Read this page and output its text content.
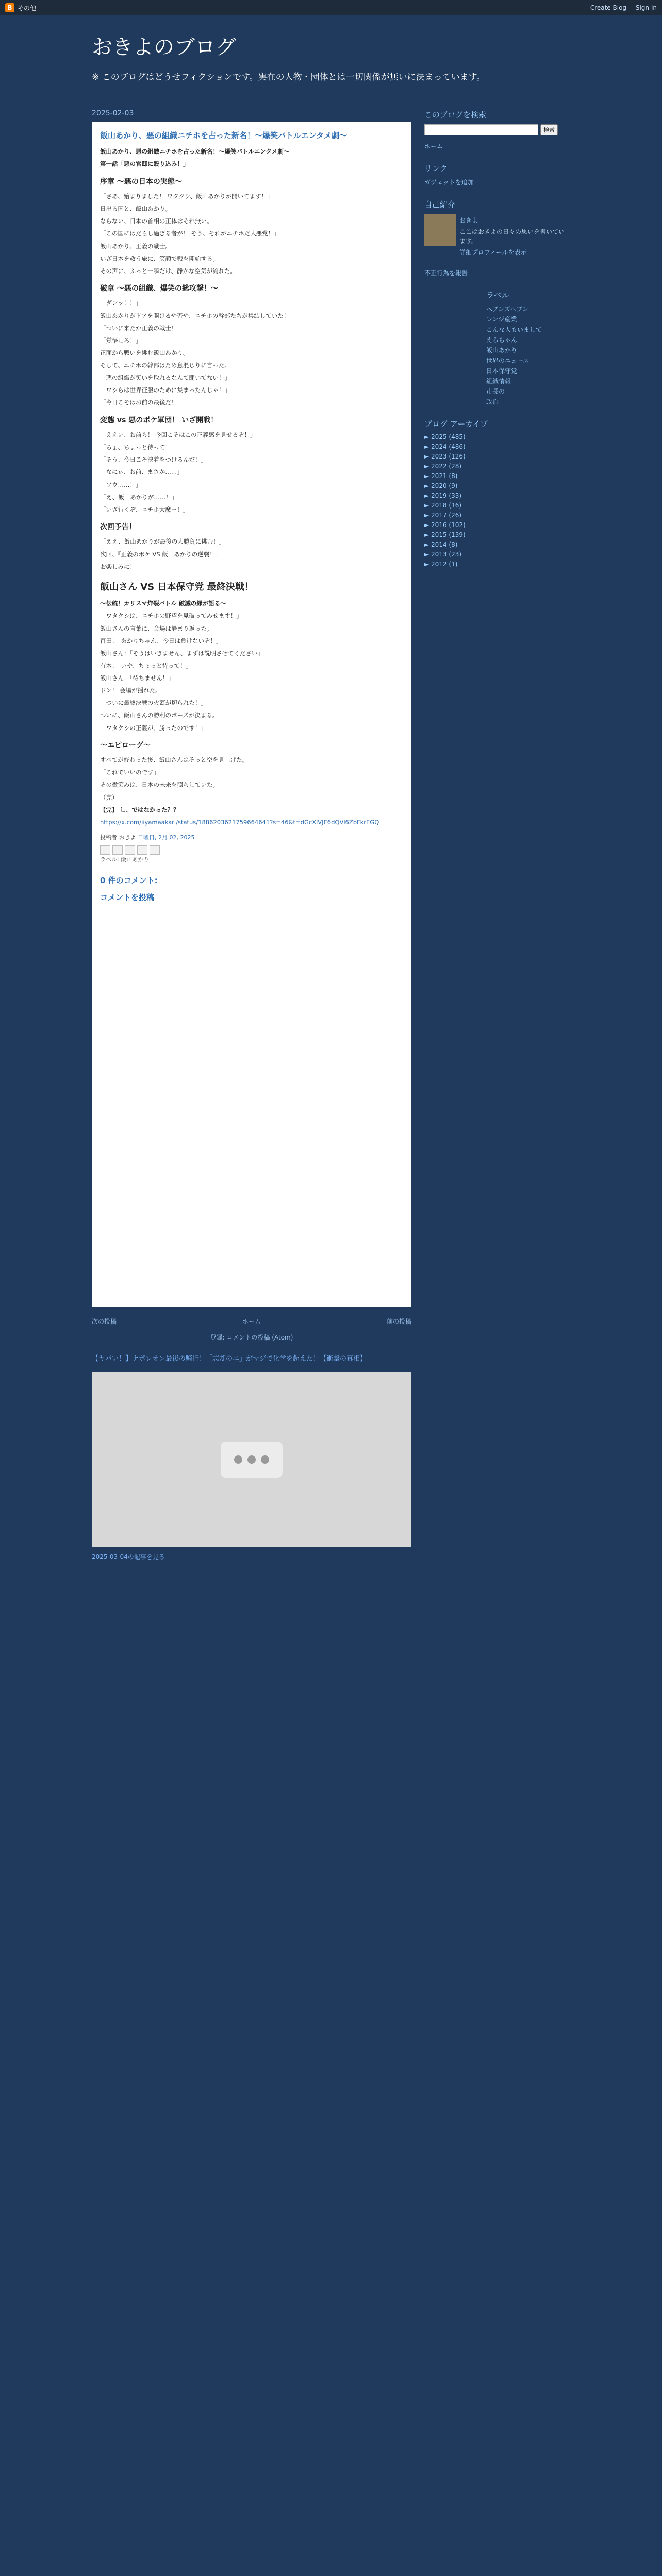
B その他	Create Blog Sign In
おきよのブログ

※ このブログはどうせフィクションです。実在の人物・団体とは一切関係が無いに決まっています。

2025-02-03
飯山あかり、悪の組織ニチホを占った新名！〜爆笑バトルエンタメ劇〜

飯山あかり、悪の組織ニチホを占った新名！〜爆笑バトルエンタメ劇〜

第一話「悪の官邸に殴り込み！」

序章 〜悪の日本の実態〜

「さあ、始まりました！ ワタクシ、飯山あかりが開いてます！」

日出る国と、飯山あかり。

ならない、日本の首相の正体はそれ無い。

「この国にはだらし過ぎる者が！ そう、それがニチホだ大悪党！」

飯山あかり、正義の戦士。

いざ日本を救う旅に、笑顔で戦を開始する。

その声に、ふっと一瞬だけ、静かな空気が流れた。

破章 〜悪の組織、爆笑の総攻撃！〜

「ダンッ！！」

飯山あかりがドアを開けるや否や、ニチホの幹部たちが集結していた！

「ついに来たか正義の戦士！」

「覚悟しろ！」

正面から戦いを挑む飯山あかり。

そして、ニチホの幹部はため息混じりに言った。

「悪の組織が笑いを取れるなんて聞いてない！」

「ワシらは世界征服のために集まったんじゃ！」

「今日こそはお前の最後だ！」

変態 vs 悪のボケ軍団！ いざ開戦！

「ええい、お前ら！ 今回こそはこの正義感を見せるぞ！」

「ちょ、ちょっと待って！」

「そう、今日こそ決着をつけるんだ！」

「なにぃ、お前、まさか……」

「ソウ……！」

「え、飯山あかりが……！」

「いざ行くぞ、ニチホ大魔王！」

次回予告！

「ええ、飯山あかりが最後の大勝負に挑む！」

次回、『正義のボケ VS 飯山あかりの逆襲！』

お楽しみに！

飯山さん VS 日本保守党 最終決戦！

〜伝統！カリスマ炸裂バトル 破滅の縁が語る〜

「ワタクシは、ニチホの野望を見破ってみせます！」

飯山さんの言葉に、会場は静まり返った。

百田：「あかりちゃん、今日は負けないぞ！」

飯山さん：「そうはいきません、まずは説明させてください」

有本：「いや、ちょっと待って！」

飯山さん：「待ちません！」

ドン！ 会場が揺れた。

「ついに最終決戦の火蓋が切られた！」

ついに、飯山さんの勝利のポーズが決まる。

「ワタクシの正義が、勝ったのです！」

〜エピローグ〜

すべてが終わった後、飯山さんはそっと空を見上げた。

「これでいいのです」

その微笑みは、日本の未来を照らしていた。

（完）

【完】 し、ではなかった？？

https://x.com/iiyamaakari/status/1886203621759664641?s=46&t=dGcXlVJE6dQVl6ZbFkrEGQ

投稿者 おきよ 日曜日, 2月 02, 2025
ラベル: 飯山あかり
0 件のコメント:
コメントを投稿
次の投稿	ホーム	前の投稿
登録: コメントの投稿 (Atom)
【ヤバい！】ナポレオン最後の騎行！「忘却のエ」がマジで化学を超えた！【衝撃の真相】
2025-03-04の記事を見る
このブログを検索
検索
ホーム
リンク
ガジェットを追加
自己紹介
おきよ
ここはおきよの日々の思いを書いています。
詳細プロフィールを表示
不正行為を報告
ラベル
ヘブンズヘブン
レンジ産業
こんな人もいまして
えろちゃん
飯山あかり
世界のニュース
日本保守党
組織情報
市長の
政治
ブログ アーカイブ
► 2025 (485)
► 2024 (486)
► 2023 (126)
► 2022 (28)
► 2021 (8)
► 2020 (9)
► 2019 (33)
► 2018 (16)
► 2017 (26)
► 2016 (102)
► 2015 (139)
► 2014 (8)
► 2013 (23)
► 2012 (1)
